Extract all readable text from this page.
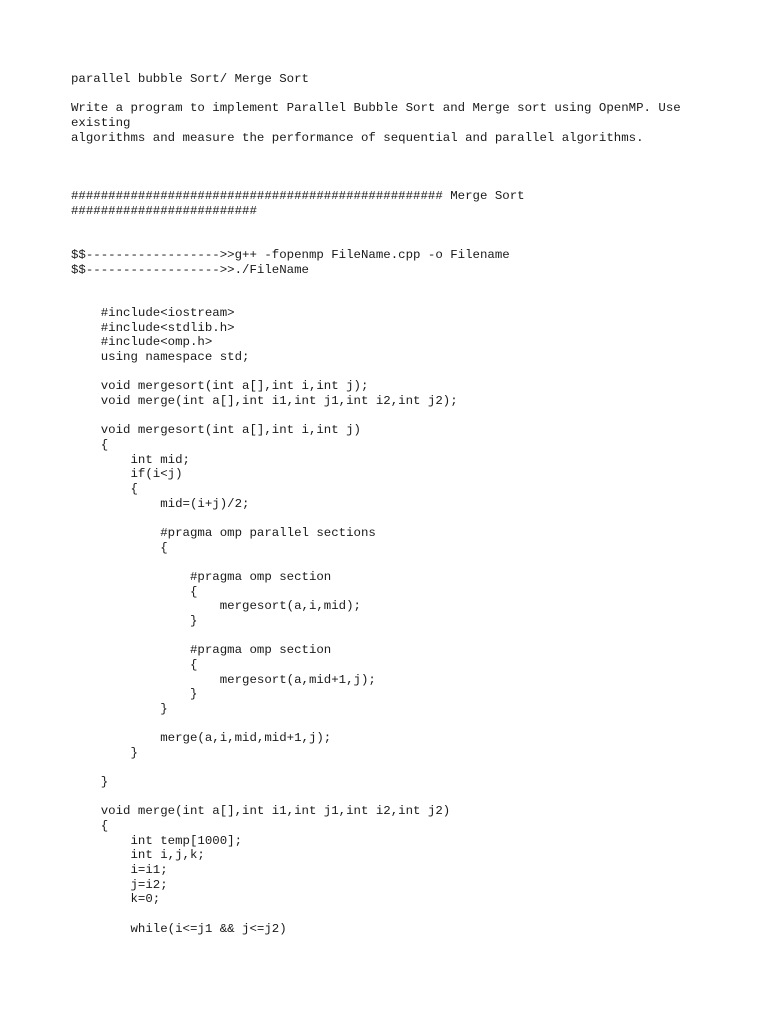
parallel bubble Sort/ Merge Sort
Write a program to implement Parallel Bubble Sort and Merge sort using OpenMP. Use
existing
algorithms and measure the performance of sequential and parallel algorithms.
################################################## Merge Sort
#########################
$$------------------>>g++ -fopenmp FileName.cpp -o Filename
$$------------------>>./FileName
#include<iostream>
#include<stdlib.h>
#include<omp.h>
using namespace std;
void mergesort(int a[],int i,int j);
void merge(int a[],int i1,int j1,int i2,int j2);
void mergesort(int a[],int i,int j)
{
int mid;
if(i<j)
{
mid=(i+j)/2;
#pragma omp parallel sections
{
#pragma omp section
{
mergesort(a,i,mid);
}
#pragma omp section
{
mergesort(a,mid+1,j);
}
}
merge(a,i,mid,mid+1,j);
}
}
void merge(int a[],int i1,int j1,int i2,int j2)
{
int temp[1000];
int i,j,k;
i=i1;
j=i2;
k=0;
while(i<=j1 && j<=j2)
